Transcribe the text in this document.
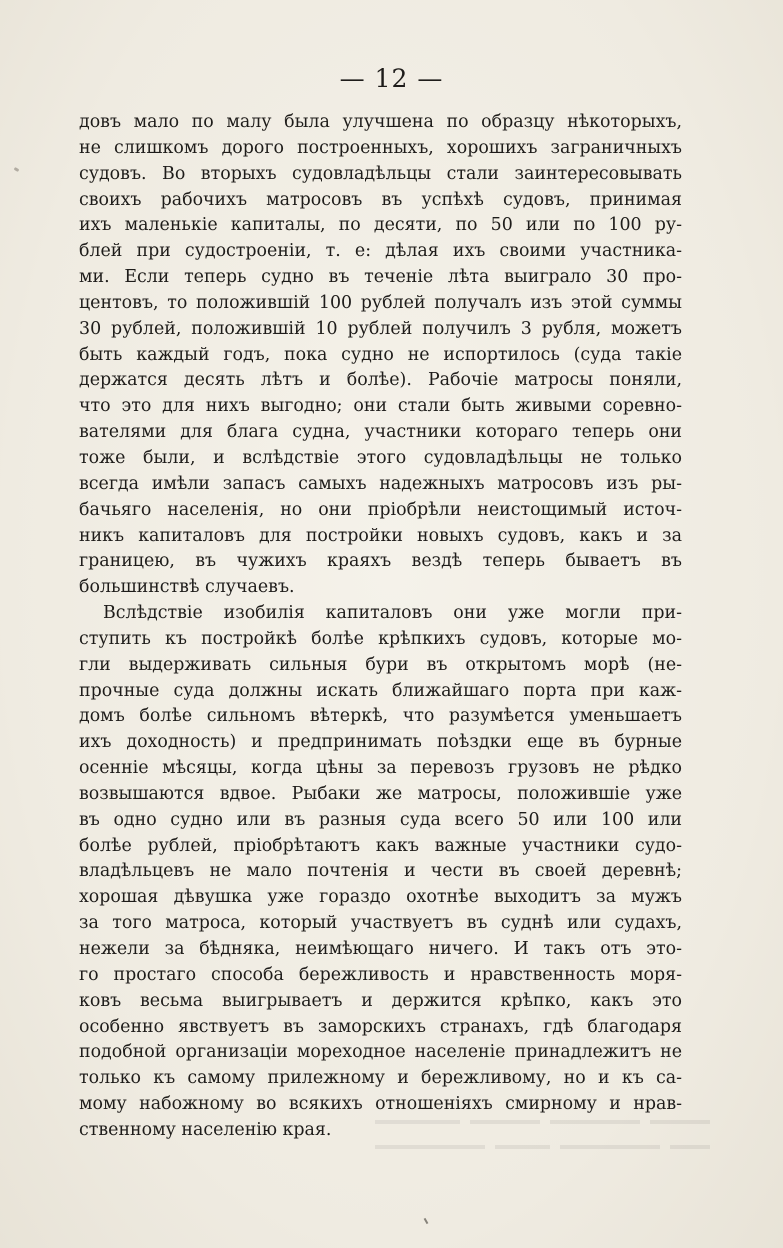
— 12 —
довъ мало по малу была улучшена по образцу нѣкоторыхъ,
не слишкомъ дорого построенныхъ, хорошихъ заграничныхъ
судовъ. Во вторыхъ судовладѣльцы стали заинтересовывать
своихъ рабочихъ матросовъ въ успѣхѣ судовъ, принимая
ихъ маленькіе капиталы, по десяти, по 50 или по 100 ру-
блей при судостроеніи, т. е: дѣлая ихъ своими участника-
ми. Если теперь судно въ теченіе лѣта выиграло 30 про-
центовъ, то положившій 100 рублей получалъ изъ этой суммы
30 рублей, положившій 10 рублей получилъ 3 рубля, можетъ
быть каждый годъ, пока судно не испортилось (суда такіе
держатся десять лѣтъ и болѣе). Рабочіе матросы поняли,
что это для нихъ выгодно; они стали быть живыми соревно-
вателями для блага судна, участники котораго теперь они
тоже были, и вслѣдствіе этого судовладѣльцы не только
всегда имѣли запасъ самыхъ надежныхъ матросовъ изъ ры-
бачьяго населенія, но они пріобрѣли неистощимый источ-
никъ капиталовъ для постройки новыхъ судовъ, какъ и за
границею, въ чужихъ краяхъ вездѣ теперь бываетъ въ
большинствѣ случаевъ.
Вслѣдствіе изобилія капиталовъ они уже могли при-
ступить къ постройкѣ болѣе крѣпкихъ судовъ, которые мо-
гли выдерживать сильныя бури въ открытомъ морѣ (не-
прочные суда должны искать ближайшаго порта при каж-
домъ болѣе сильномъ вѣтеркѣ, что разумѣется уменьшаетъ
ихъ доходность) и предпринимать поѣздки еще въ бурные
осенніе мѣсяцы, когда цѣны за перевозъ грузовъ не рѣдко
возвышаются вдвое. Рыбаки же матросы, положившіе уже
въ одно судно или въ разныя суда всего 50 или 100 или
болѣе рублей, пріобрѣтаютъ какъ важные участники судо-
владѣльцевъ не мало почтенія и чести въ своей деревнѣ;
хорошая дѣвушка уже гораздо охотнѣе выходитъ за мужъ
за того матроса, который участвуетъ въ суднѣ или судахъ,
нежели за бѣдняка, неимѣющаго ничего. И такъ отъ это-
го простаго способа бережливость и нравственность моря-
ковъ весьма выигрываетъ и держится крѣпко, какъ это
особенно явствуетъ въ заморскихъ странахъ, гдѣ благодаря
подобной организаціи мореходное населеніе принадлежитъ не
только къ самому прилежному и бережливому, но и къ са-
мому набожному во всякихъ отношеніяхъ смирному и нрав-
ственному населенію края.
